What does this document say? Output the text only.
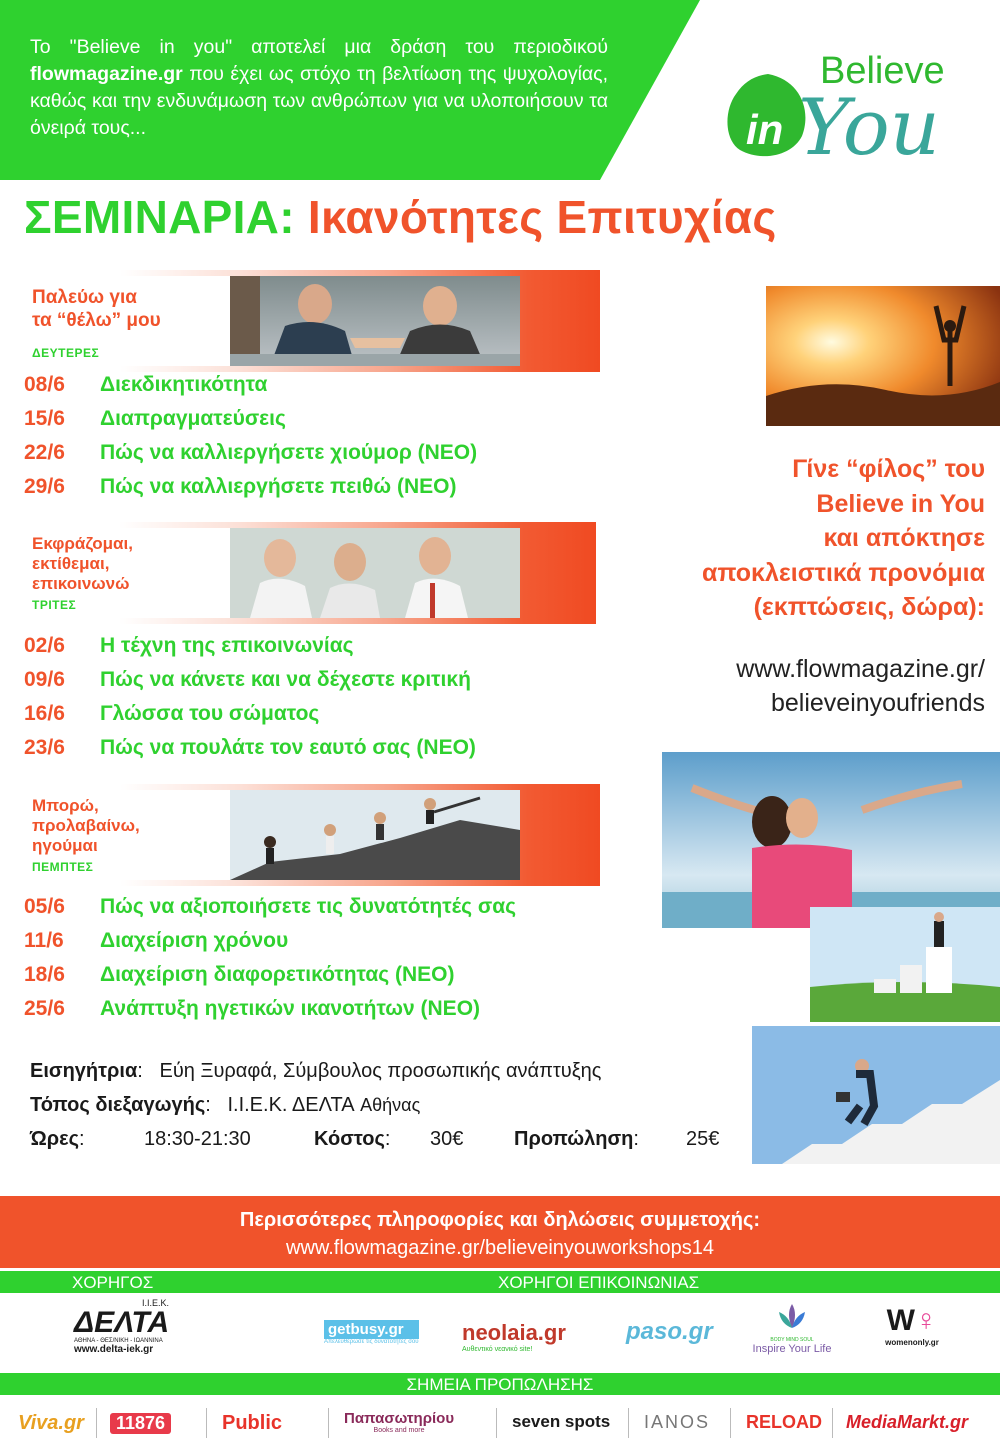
Το "Believe in you" αποτελεί μια δράση του περιοδικού flowmagazine.gr που έχει ως στόχο τη βελτίωση της ψυχολογίας, καθώς και την ενδυνάμωση των ανθρώπων για να υλοποιήσουν τα όνειρά τους...
Believe
in You
ΣΕΜΙΝΑΡΙΑ: Ικανότητες Επιτυχίας
Παλεύω για
τα “θέλω” μου
ΔΕΥΤΕΡΕΣ
08/6 Διεκδικητικότητα
15/6 Διαπραγματεύσεις
22/6 Πώς να καλλιεργήσετε χιούμορ (ΝΕΟ)
29/6 Πώς να καλλιεργήσετε πειθώ (ΝΕΟ)
Εκφράζομαι,
εκτίθεμαι,
επικοινωνώ
ΤΡΙΤΕΣ
02/6 Η τέχνη της επικοινωνίας
09/6 Πώς να κάνετε και να δέχεστε κριτική
16/6 Γλώσσα του σώματος
23/6 Πώς να πουλάτε τον εαυτό σας (ΝΕΟ)
Μπορώ,
προλαβαίνω,
ηγούμαι
ΠΕΜΠΤΕΣ
05/6 Πώς να αξιοποιήσετε τις δυνατότητές σας
11/6 Διαχείριση χρόνου
18/6 Διαχείριση διαφορετικότητας (ΝΕΟ)
25/6 Ανάπτυξη ηγετικών ικανοτήτων (ΝΕΟ)
Γίνε “φίλος” του
Believe in You
και απόκτησε
αποκλειστικά προνόμια
(εκπτώσεις, δώρα):
www.flowmagazine.gr/
believeinyoufriends
Εισηγήτρια:   Εύη Ξυραφά, Σύμβουλος προσωπικής ανάπτυξης
Τόπος διεξαγωγής:   Ι.Ι.Ε.Κ. ΔΕΛΤΑ Αθήνας
Ώρες:	18:30-21:30	Κόστος: 30€	Προπώληση: 25€
Περισσότερες πληροφορίες και δηλώσεις συμμετοχής:
www.flowmagazine.gr/believeinyouworkshops14
ΧΟΡΗΓΟΣ	ΧΟΡΗΓΟΙ ΕΠΙΚΟΙΝΩΝΙΑΣ
Ι.Ι.Ε.Κ.
ΔΕΛΤΑ
ΑΘΗΝΑ - ΘΕΣ/ΝΙΚΗ - ΙΩΑΝΝΙΝΑ
www.delta-iek.gr
getbusy.gr
Απελευθέρωσε τις δυνατότητές σου neolaia.gr
Αυθεντικό νεανικό site!
paso.gr	BODY MIND SOUL
Inspire Your Life
W♀
womenonly.gr
ΣΗΜΕΙΑ ΠΡΟΠΩΛΗΣΗΣ
Viva.gr	11876	Public	Παπασωτηρίου
Books and more	seven spots IANOS RELOAD MediaMarkt.gr
